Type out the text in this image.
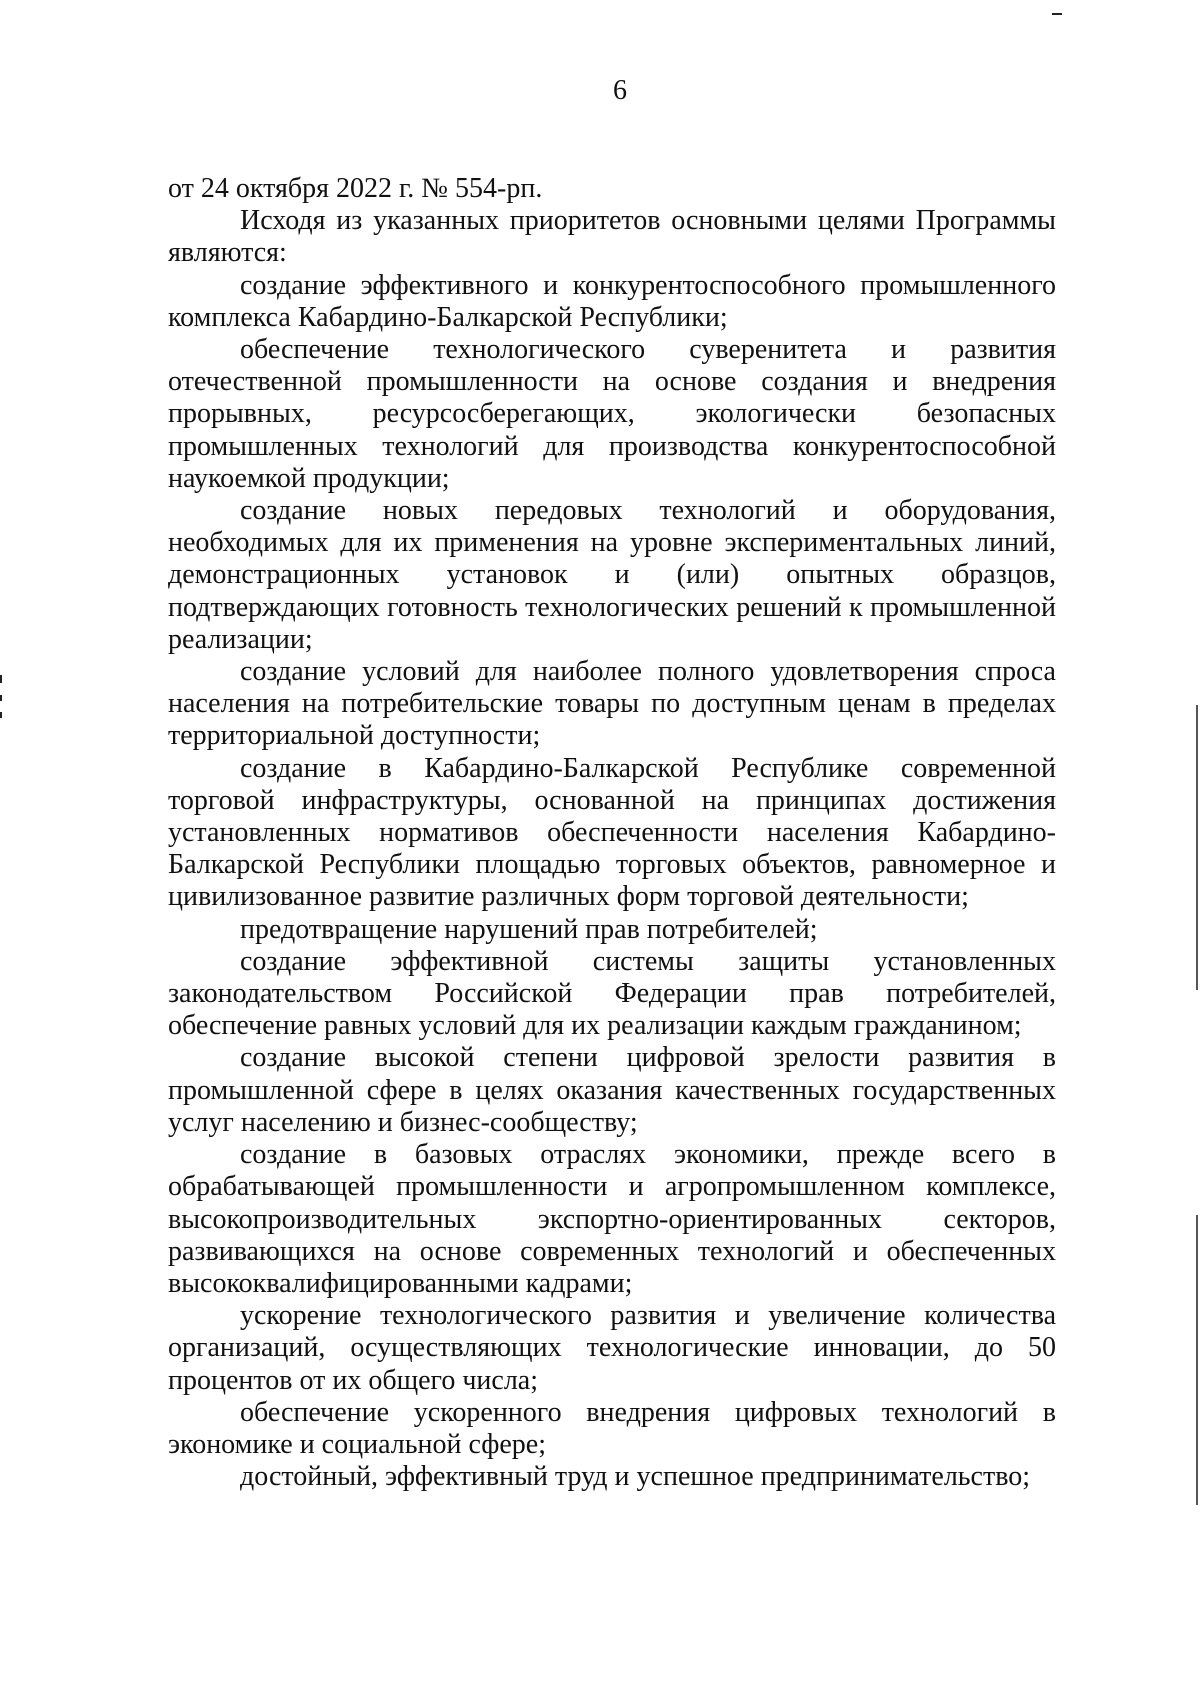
6

от 24 октября 2022 г. № 554-рп.

Исходя из указанных приоритетов основными целями Программы являются:

создание эффективного и конкурентоспособного промышленного комплекса Кабардино-Балкарской Республики;

обеспечение технологического суверенитета и развития отечественной промышленности на основе создания и внедрения прорывных, ресурсосберегающих, экологически безопасных промышленных технологий для производства конкурентоспособной наукоемкой продукции;

создание новых передовых технологий и оборудования, необходимых для их применения на уровне экспериментальных линий, демонстрационных установок и (или) опытных образцов, подтверждающих готовность технологических решений к промышленной реализации;

создание условий для наиболее полного удовлетворения спроса населения на потребительские товары по доступным ценам в пределах территориальной доступности;

создание в Кабардино-Балкарской Республике современной торговой инфраструктуры, основанной на принципах достижения установленных нормативов обеспеченности населения Кабардино-Балкарской Республики площадью торговых объектов, равномерное и цивилизованное развитие различных форм торговой деятельности;

предотвращение нарушений прав потребителей;

создание эффективной системы защиты установленных законодательством Российской Федерации прав потребителей, обеспечение равных условий для их реализации каждым гражданином;

создание высокой степени цифровой зрелости развития в промышленной сфере в целях оказания качественных государственных услуг населению и бизнес-сообществу;

создание в базовых отраслях экономики, прежде всего в обрабатывающей промышленности и агропромышленном комплексе, высокопроизводительных экспортно-ориентированных секторов, развивающихся на основе современных технологий и обеспеченных высококвалифицированными кадрами;

ускорение технологического развития и увеличение количества организаций, осуществляющих технологические инновации, до 50 процентов от их общего числа;

обеспечение ускоренного внедрения цифровых технологий в экономике и социальной сфере;

достойный, эффективный труд и успешное предпринимательство;
